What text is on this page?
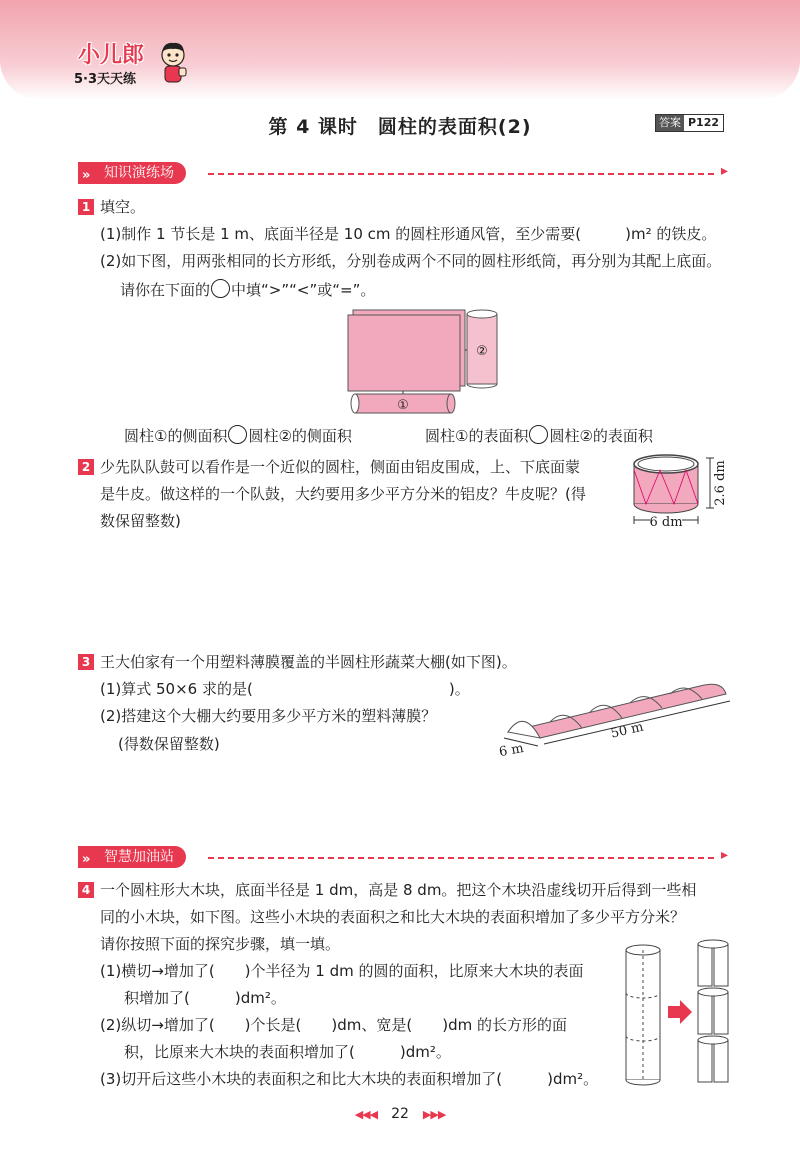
小儿郎
5·3天天练
第 4 课时　圆柱的表面积(2)	答案 P122
» 知识演练场	▸
1 填空。
(1)制作 1 节长是 1 m、底面半径是 10 cm 的圆柱形通风管，至少需要(	)m² 的铁皮。
(2)如下图，用两张相同的长方形纸，分别卷成两个不同的圆柱形纸筒，再分别为其配上底面。
请你在下面的 中填“>”“<”或“=”。
②
①
圆柱①的侧面积 圆柱②的侧面积	圆柱①的表面积 圆柱②的表面积
2 少先队队鼓可以看作是一个近似的圆柱，侧面由铝皮围成，上、下底面蒙
是牛皮。做这样的一个队鼓，大约要用多少平方分米的铝皮？牛皮呢？(得
数保留整数)
2.6 dm
6 dm
3 王大伯家有一个用塑料薄膜覆盖的半圆柱形蔬菜大棚(如下图)。
(1)算式 50×6 求的是(	)。
(2)搭建这个大棚大约要用多少平方米的塑料薄膜？
(得数保留整数)
50 m
6 m
» 智慧加油站	▸
4 一个圆柱形大木块，底面半径是 1 dm，高是 8 dm。把这个木块沿虚线切开后得到一些相
同的小木块，如下图。这些小木块的表面积之和比大木块的表面积增加了多少平方分米？
请你按照下面的探究步骤，填一填。
(1)横切→增加了(　　)个半径为 1 dm 的圆的面积，比原来大木块的表面
积增加了(　　　)dm²。
(2)纵切→增加了(　　)个长是(　　)dm、宽是(　　)dm 的长方形的面
积，比原来大木块的表面积增加了(　　　)dm²。
(3)切开后这些小木块的表面积之和比大木块的表面积增加了(　　　)dm²。
◀◀◀ 22 ▶▶▶
